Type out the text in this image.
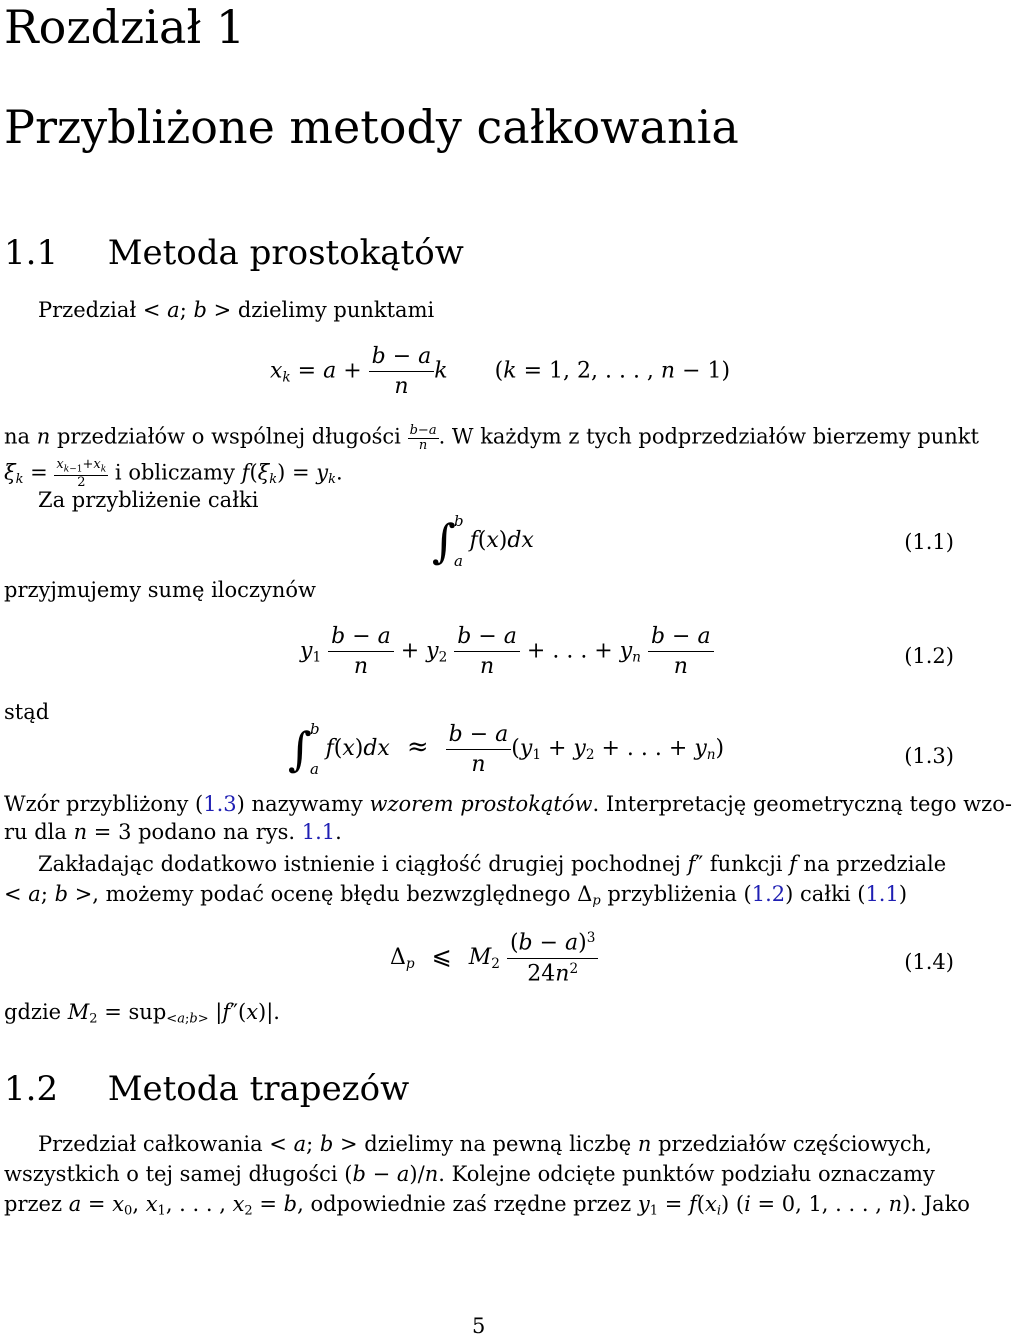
Rozdział 1
Przybliżone metody całkowania
1.1 Metoda prostokątów
Przedział < a; b > dzielimy punktami
$x_k = a + \frac{b - a}{n}$ k (k = 1, 2, . . . , n − 1)
na n przedziałów o wspólnej długości $\frac{b-a}{n}$ . W każdym z tych podprzedziałów bierzemy punkt
$\xi_k = \frac{x_{k-1}+x_k}{2}$ i obliczamy $f(\xi_k) = y_k$.
Za przybliżenie całki
∫
b
a
f(x)dx	(1.1)
przyjmujemy sumę iloczynów
$y_1 \frac{b - a}{n} + y_2 \frac{b - a}{n}$ + . . . + $y_n \frac{b - a}{n}$	(1.2)
stąd
∫
b
a
$f(x)dx \approx \frac{b - a}{n} (y_1 + y_2$ + . . . + $y_n$)	(1.3)
Wzór przybliżony (1.3) nazywamy wzorem prostokątów. Interpretację geometryczną tego wzo-
ru dla n = 3 podano na rys. 1.1.
Zakładając dodatkowo istnienie i ciągłość drugiej pochodnej f″ funkcji f na przedziale
< a; b >, możemy podać ocenę błędu bezwzględnego $\Delta_p$ przybliżenia (1.2) całki (1.1)
$\Delta_p$ ⩽ $M_2 \frac{(b - a)^3}{24n^2}$	(1.4)
gdzie $M_2 = sup_{<a;b>}$ |f″(x)|.
1.2 Metoda trapezów
Przedział całkowania < a; b > dzielimy na pewną liczbę n przedziałów częściowych,
wszystkich o tej samej długości (b − a)/n. Kolejne odcięte punktów podziału oznaczamy
przez $a = x_0$, $x_1$, . . . , $x_2 = b$, odpowiednie zaś rzędne przez $y_1 = f(x_i) (i = 0$, 1, . . . , n). Jako
5
